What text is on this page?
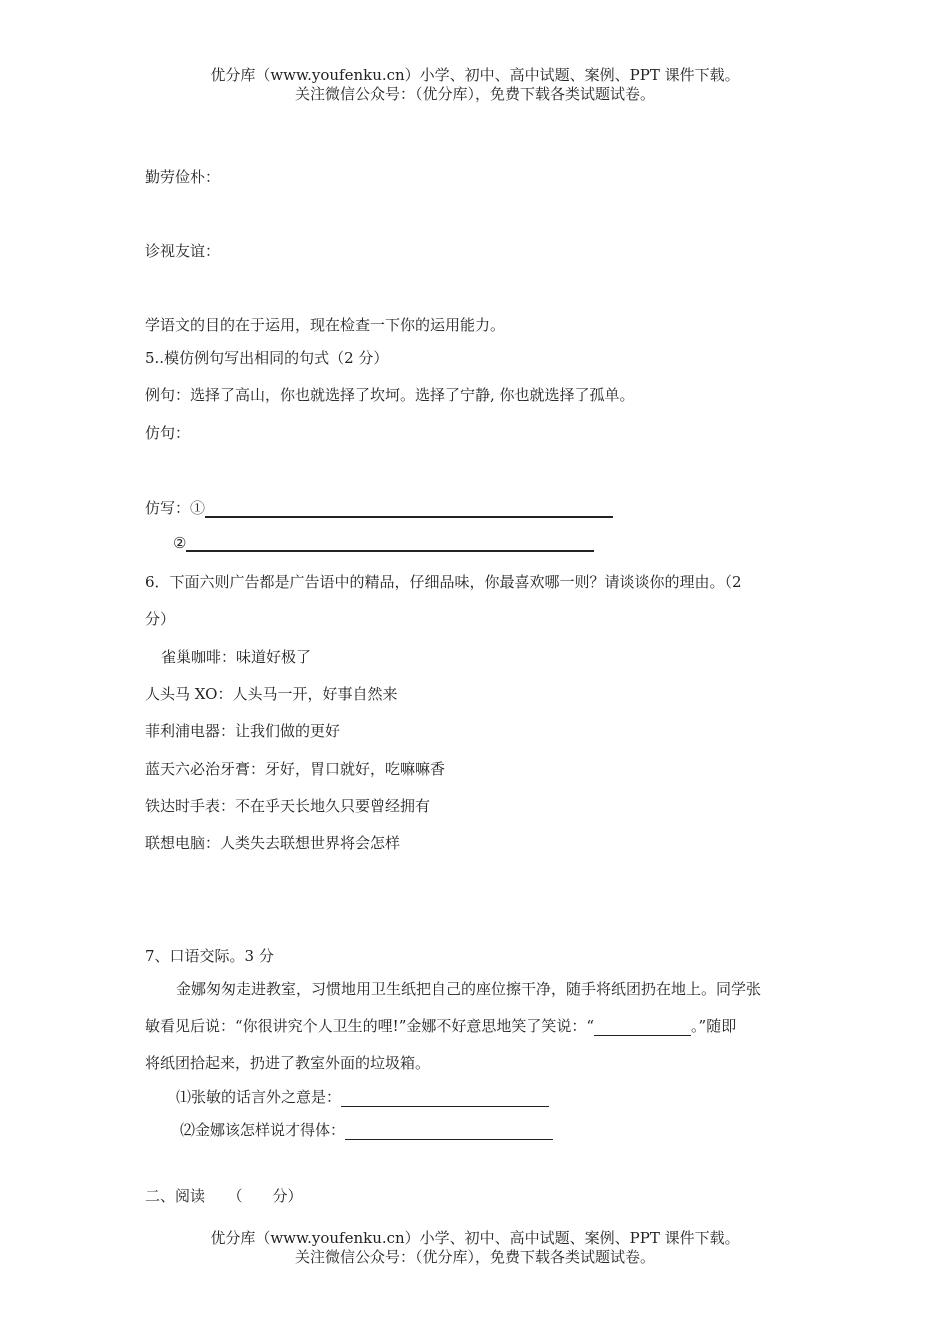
优分库（www.youfenku.cn）小学、初中、高中试题、案例、PPT 课件下载。
关注微信公众号：（优分库），免费下载各类试题试卷。
勤劳俭朴：
诊视友谊：
学语文的目的在于运用，现在检查一下你的运用能力。
5..模仿例句写出相同的句式（2 分）
例句：选择了高山，你也就选择了坎坷。选择了宁静, 你也就选择了孤单。
仿句：
仿写：①
②
6．下面六则广告都是广告语中的精品，仔细品味，你最喜欢哪一则？请谈谈你的理由。（2
分）
雀巢咖啡：味道好极了
人头马 XO：人头马一开，好事自然来
菲利浦电器：让我们做的更好
蓝天六必治牙膏：牙好，胃口就好，吃嘛嘛香
铁达时手表：不在乎天长地久只要曾经拥有
联想电脑：人类失去联想世界将会怎样
7、口语交际。3 分
金娜匆匆走进教室，习惯地用卫生纸把自己的座位擦干净，随手将纸团扔在地上。同学张
敏看见后说：“你很讲究个人卫生的哩!”金娜不好意思地笑了笑说：“	。”随即
将纸团拾起来，扔进了教室外面的垃圾箱。
⑴张敏的话言外之意是：
⑵金娜该怎样说才得体：
二、阅读　　（　　分）
优分库（www.youfenku.cn）小学、初中、高中试题、案例、PPT 课件下载。
关注微信公众号：（优分库），免费下载各类试题试卷。
